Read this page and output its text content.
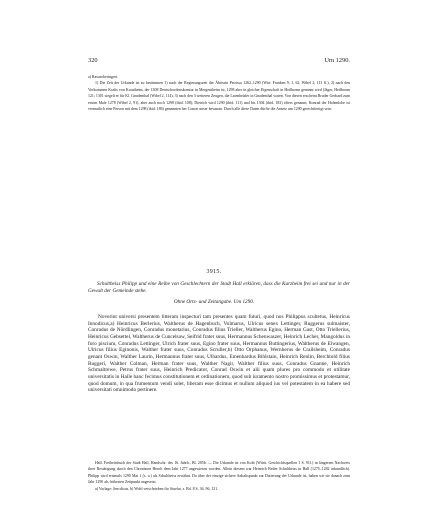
320	Um 1290.

a) Rasuroberingert.

1) Die Zeit der Urkunde ist zu bestimmen 1) nach der Regierungszeit der Äbtissin Petrissa 1262–1290 (Wirt. Franken 9, 1, 62, Wibel 2, 111 ff.); 2) nach den Vorkommen Krafts von Krautheim, der 1308 Deutschordenskomtur in Mergentheim ist, 1298 aber in gleicher Eigenschaft in Heilbronn genannt wird (Jäger, Heilbronn 121; 1301 siegelt er für Kl. Gnadenthal (Wibel 2, 114); 3) nach den 3 weiteren Zeugen, die Laienbrüder in Gnadenthal waren. Von diesen erscheint Bruder Gerhard zum ersten Male 1278 (Wibel 2, 91), aber auch noch 1298 (ibid. 108); Dietrich wird 1290 (ibid. 111) und bis 1304 (ibid. 183) öfters genannt; Konrad der Hohenlohe ist vermutlich eine Person mit dem 1298 (ibid. 186) genannten her Conrat unser bewman. Durch alle diese Daten dürfte die Ansetz um 1290 gerechtfertigt sein.

3915.
Schultheiss Philipp und eine Reihe von Geschlechtern der Stadt Hall erklären, dass die Kurzheim frei sei und nur in der Gewalt der Gemeinde stehe.
Ohne Orts- und Zeitangabe. Um 1290.
Noverint universi presentem litteram inspecturi tam presentes quam futuri, quod nos Philippus scultetus, Heinricus Innodicus,a) Heinricus Berlerius, Waltherus de Hagenbuch, Volmarus, Ulricus senex Lettinger, Ruggerus sulmaister, Conradus de Nördlingen, Conradus monetarius, Conradus filius Trieller, Waltherus Egino, Herman Gast, Otto Triellerius, Heinricus Gebsettel, Waltherus de Cuncelsaw, Seifrid frater suus, Hermannus Schenwaszer, Heinrich Lecher, Mangoldus in foro piscium, Conradus Lettinger, Ulrich frater suus, Egino frater suus, Hermannus Buttingerius, Waltherus de Elwangen, Ulricus filius Eginonis, Walther frater suus, Conradus Scruller,b) Otto Orphanus, Wernherus de Crailsheim, Conradus genant Oswin, Walther Laurin, Hermannus frater suus, Ulhardus, Emenhardus Bihlstain, Heinrich Renlin, Berchtold filius Ruggeri, Walther Colman, Herman frater suus, Walther Nagir, Walther filius suus, Conradus Gnanne, Heinrich Schmaltrewe, Petrus frater suus, Heinrich Predicator, Conrad Oswin et alii quam plures pro commodo et utilitate universitatis in Halle hanc fecimus constitutionem et ordinationem, quod sub iuramento nostro promissimus et protestamur, quod domum, in qua frumentum vendi solet, liberam esse dicimus et nullum aliquod ius vel potestatem in ea habere sed universitati omnimodo pertinere.

Hall. Freiheitsbuch der Stadt Hall, Handschr. des 16. Jahrh., Bl. 205b. — Die Urkunde ist von Koib (Württ. Geschichtsquellen 1 S. 91f.) in längerem Nachweis ihrer Bestätigung durch den Chronisten Herolt dem Jahr 1277 angewiesen worden. Allein diesem war Heinrich Beiler Schultheiss in Hall (1275–1282 urkundlich). Philipp wird erstmals 1290 Mai 1 (s. u.) als Schultheiss erwähnt. Da über der einzige sichere Anhaltspunkt zur Datierung der Urkunde ist, haben wir sie danach zum Jahr 1290 als frühesten Zeitpunkt angesetzt.

a) Vorlage: Jencdicus. b) Wohl verschrieben für Stuelar, s. Bd. 8 S. 36, 96, 121.
